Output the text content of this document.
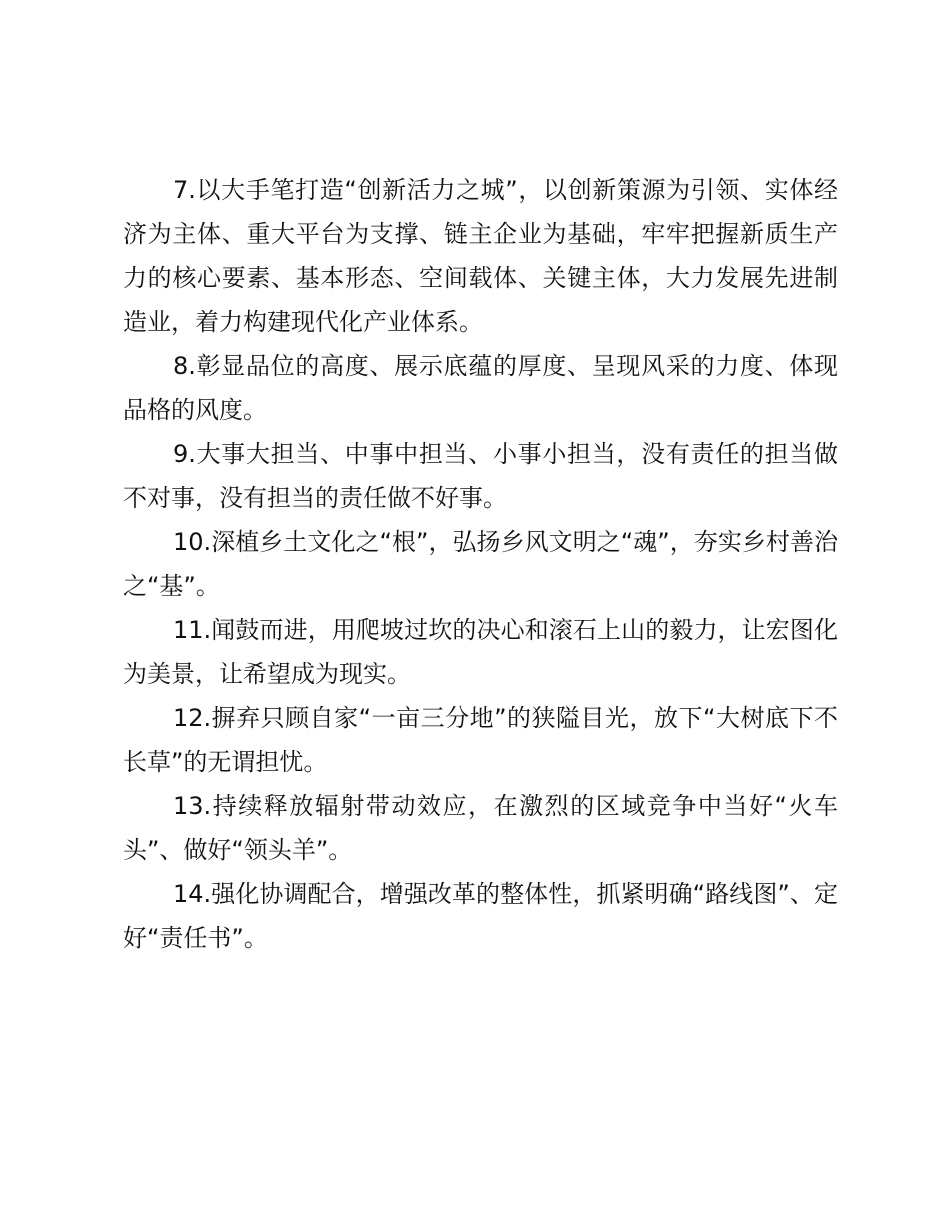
7.以大手笔打造“创新活力之城”，以创新策源为引领、实体经济为主体、重大平台为支撑、链主企业为基础，牢牢把握新质生产力的核心要素、基本形态、空间载体、关键主体，大力发展先进制造业，着力构建现代化产业体系。

8.彰显品位的高度、展示底蕴的厚度、呈现风采的力度、体现品格的风度。

9.大事大担当、中事中担当、小事小担当，没有责任的担当做不对事，没有担当的责任做不好事。

10.深植乡土文化之“根”，弘扬乡风文明之“魂”，夯实乡村善治之“基”。

11.闻鼓而进，用爬坡过坎的决心和滚石上山的毅力，让宏图化为美景，让希望成为现实。

12.摒弃只顾自家“一亩三分地”的狭隘目光，放下“大树底下不长草”的无谓担忧。

13.持续释放辐射带动效应，在激烈的区域竞争中当好“火车头”、做好“领头羊”。

14.强化协调配合，增强改革的整体性，抓紧明确“路线图”、定好“责任书”。
